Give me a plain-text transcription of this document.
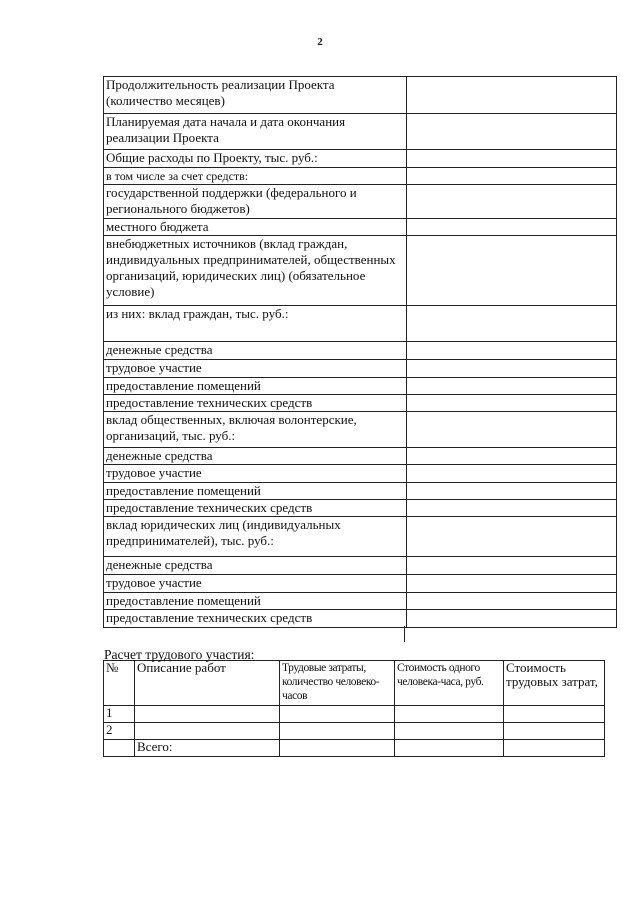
2
Продолжительность реализации Проекта (количество месяцев)	
Планируемая дата начала и дата окончания реализации Проекта	
Общие расходы по Проекту, тыс. руб.:	
в том числе за счет средств:	
государственной поддержки (федерального и регионального бюджетов)	
местного бюджета	
внебюджетных источников (вклад граждан, индивидуальных предпринимателей, общественных организаций, юридических лиц) (обязательное условие)	
из них: вклад граждан, тыс. руб.:	
денежные средства	
трудовое участие	
предоставление помещений	
предоставление технических средств	
вклад общественных, включая волонтерские, организаций, тыс. руб.:	
денежные средства	
трудовое участие	
предоставление помещений	
предоставление технических средств	
вклад юридических лиц (индивидуальных предпринимателей), тыс. руб.:	
денежные средства	
трудовое участие	
предоставление помещений	
предоставление технических средств	
Расчет трудового участия:
№	Описание работ	Трудовые затраты, количество человеко-часов	Стоимость одного человека-часа, руб.	Стоимость трудовых затрат,
1				
2				
	Всего:			
